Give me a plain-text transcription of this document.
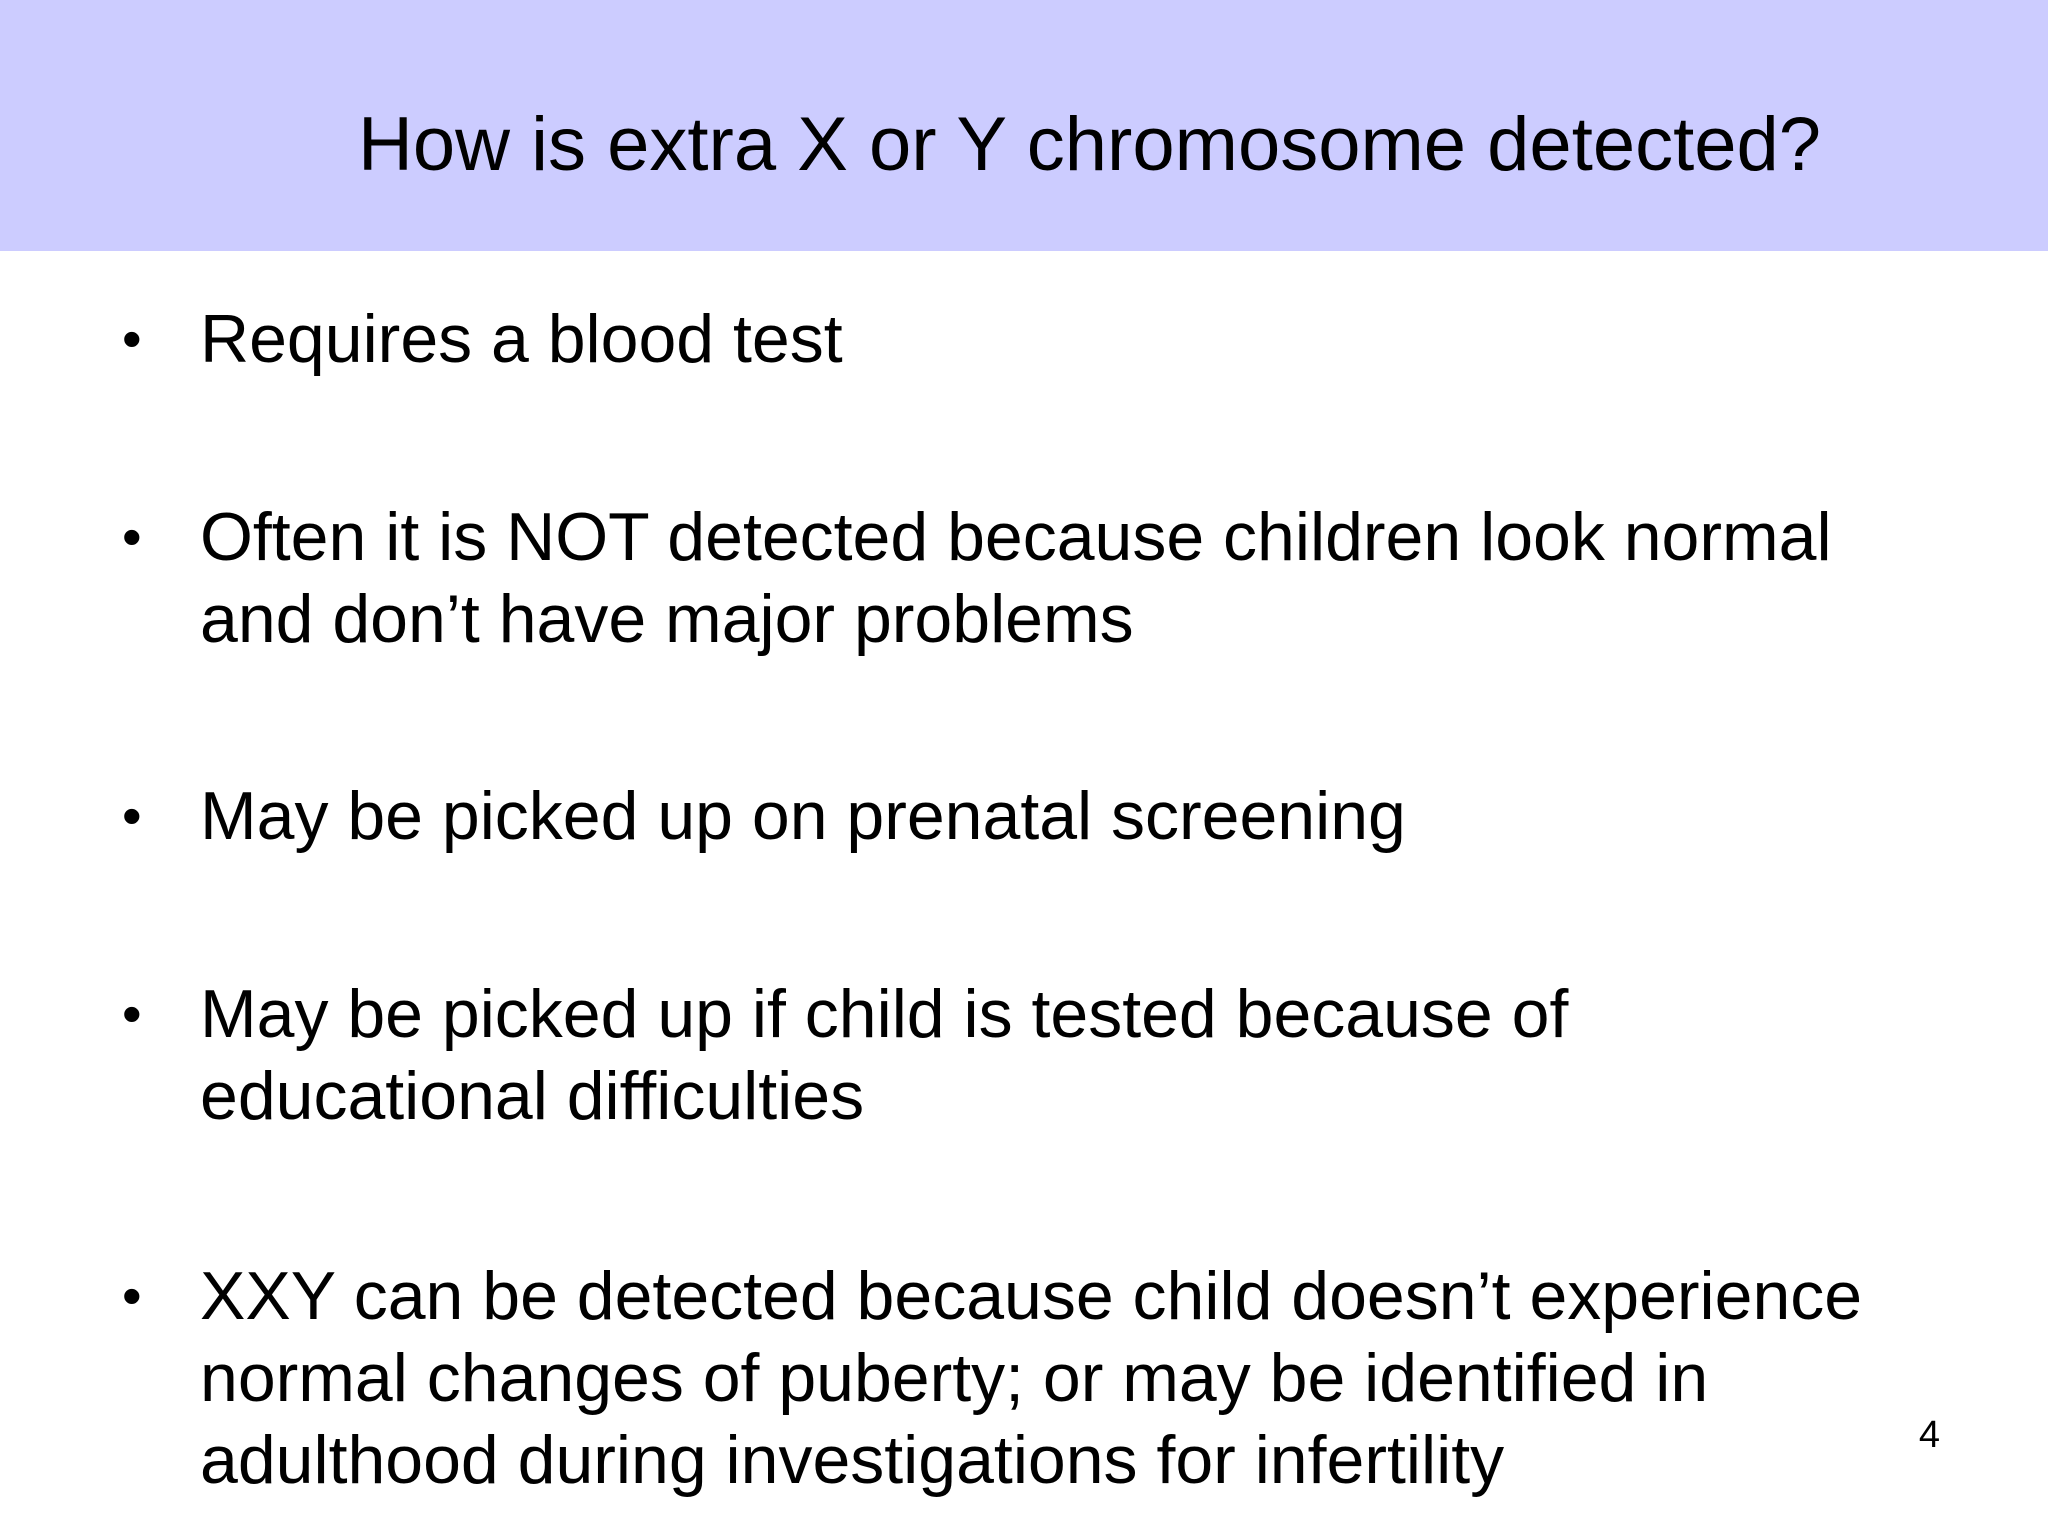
How is extra X or Y chromosome detected?
• Requires a blood test
• Often it is NOT detected because children look normal
and don’t have major problems
• May be picked up on prenatal screening
• May be picked up if child is tested because of
educational difficulties
• XXY can be detected because child doesn’t experience
normal changes of puberty; or may be identified in
adulthood during investigations for infertility	4
